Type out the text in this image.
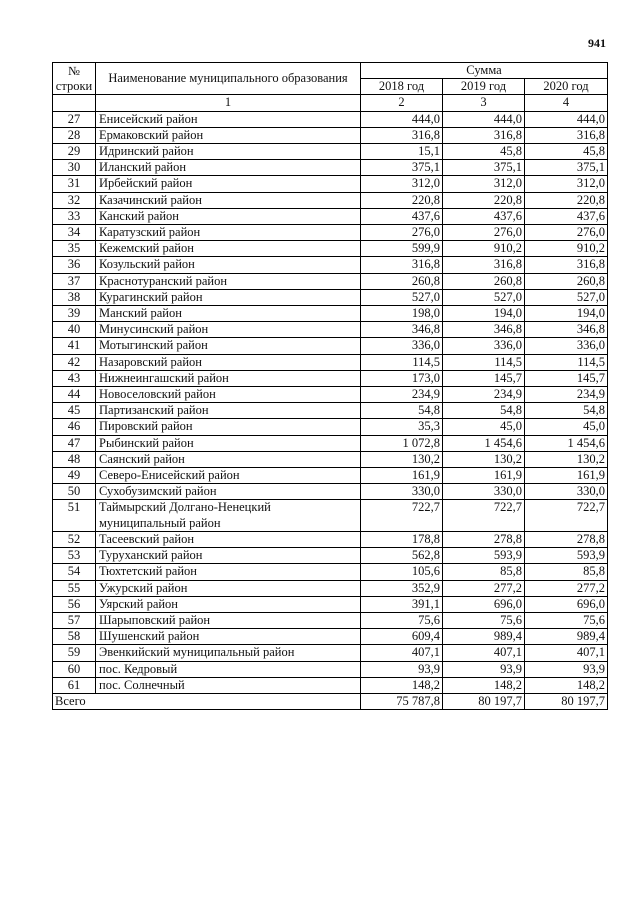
941
№ строки	Наименование муниципального образования	Сумма		
		2018 год	2019 год	2020 год
	1	2	3	4
27	Енисейский район	444,0	444,0	444,0
28	Ермаковский район	316,8	316,8	316,8
29	Идринский район	15,1	45,8	45,8
30	Иланский район	375,1	375,1	375,1
31	Ирбейский район	312,0	312,0	312,0
32	Казачинский район	220,8	220,8	220,8
33	Канский район	437,6	437,6	437,6
34	Каратузский район	276,0	276,0	276,0
35	Кежемский район	599,9	910,2	910,2
36	Козульский район	316,8	316,8	316,8
37	Краснотуранский район	260,8	260,8	260,8
38	Курагинский район	527,0	527,0	527,0
39	Манский район	198,0	194,0	194,0
40	Минусинский район	346,8	346,8	346,8
41	Мотыгинский район	336,0	336,0	336,0
42	Назаровский район	114,5	114,5	114,5
43	Нижнеингашский район	173,0	145,7	145,7
44	Новоселовский район	234,9	234,9	234,9
45	Партизанский район	54,8	54,8	54,8
46	Пировский район	35,3	45,0	45,0
47	Рыбинский район	1 072,8	1 454,6	1 454,6
48	Саянский район	130,2	130,2	130,2
49	Северо-Енисейский район	161,9	161,9	161,9
50	Сухобузимский район	330,0	330,0	330,0
51	Таймырский Долгано-Ненецкий муниципальный район	722,7	722,7	722,7
52	Тасеевский район	178,8	278,8	278,8
53	Туруханский район	562,8	593,9	593,9
54	Тюхтетский район	105,6	85,8	85,8
55	Ужурский район	352,9	277,2	277,2
56	Уярский район	391,1	696,0	696,0
57	Шарыповский район	75,6	75,6	75,6
58	Шушенский район	609,4	989,4	989,4
59	Эвенкийский муниципальный район	407,1	407,1	407,1
60	пос. Кедровый	93,9	93,9	93,9
61	пос. Солнечный	148,2	148,2	148,2
Всего		75 787,8	80 197,7	80 197,7
